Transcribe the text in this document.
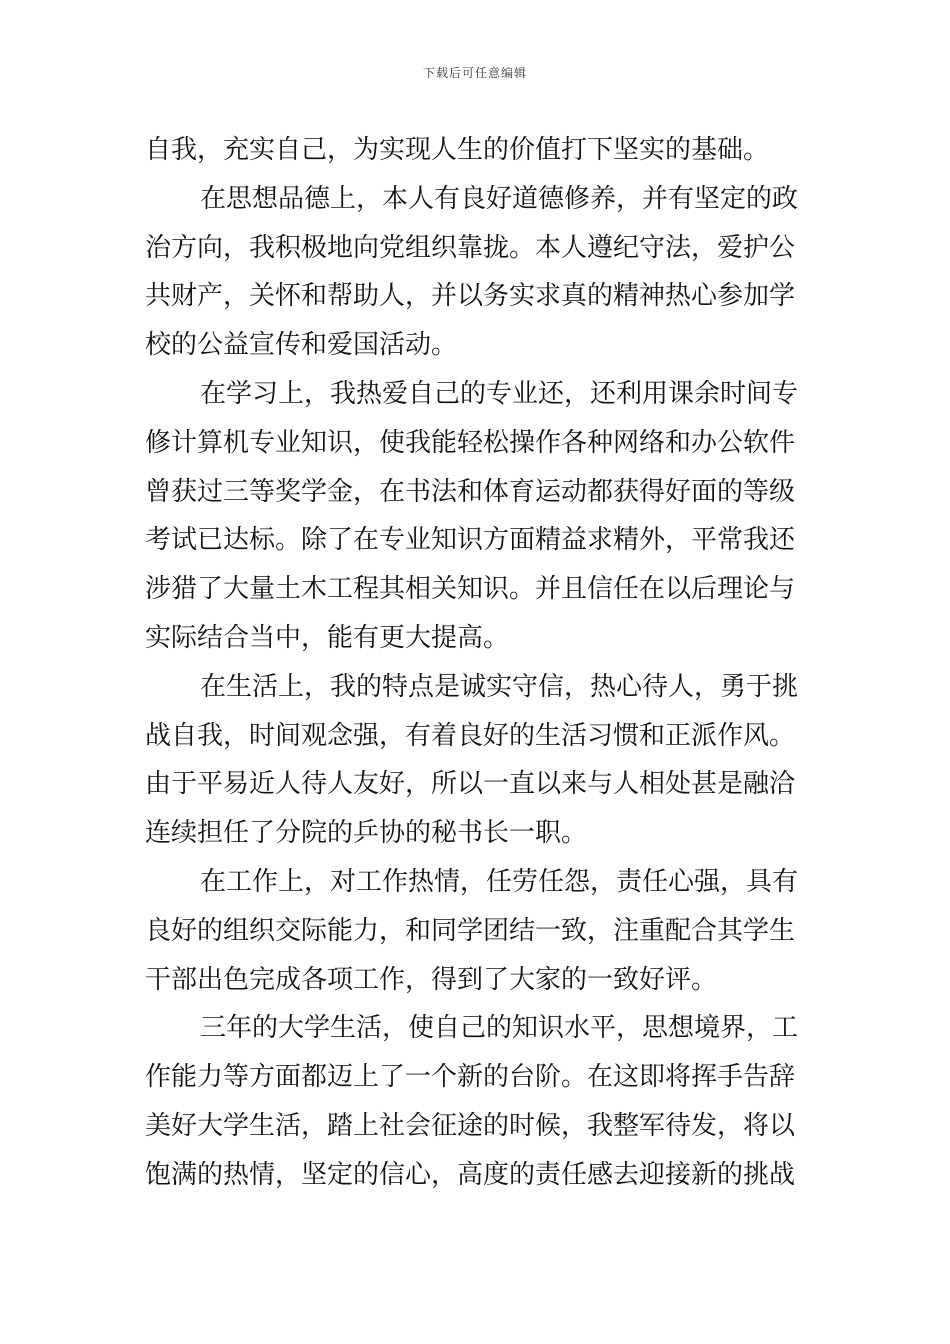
下载后可任意编辑
自我，充实自己，为实现人生的价值打下坚实的基础。
在思想品德上，本人有良好道德修养，并有坚定的政
治方向，我积极地向党组织靠拢。本人遵纪守法，爱护公
共财产，关怀和帮助人，并以务实求真的精神热心参加学
校的公益宣传和爱国活动。
在学习上，我热爱自己的专业还，还利用课余时间专
修计算机专业知识，使我能轻松操作各种网络和办公软件
曾获过三等奖学金，在书法和体育运动都获得好面的等级
考试已达标。除了在专业知识方面精益求精外，平常我还
涉猎了大量土木工程其相关知识。并且信任在以后理论与
实际结合当中，能有更大提高。
在生活上，我的特点是诚实守信，热心待人，勇于挑
战自我，时间观念强，有着良好的生活习惯和正派作风。
由于平易近人待人友好，所以一直以来与人相处甚是融洽
连续担任了分院的乒协的秘书长一职。
在工作上，对工作热情，任劳任怨，责任心强，具有
良好的组织交际能力，和同学团结一致，注重配合其学生
干部出色完成各项工作，得到了大家的一致好评。
三年的大学生活，使自己的知识水平，思想境界，工
作能力等方面都迈上了一个新的台阶。在这即将挥手告辞
美好大学生活，踏上社会征途的时候，我整军待发，将以
饱满的热情，坚定的信心，高度的责任感去迎接新的挑战
